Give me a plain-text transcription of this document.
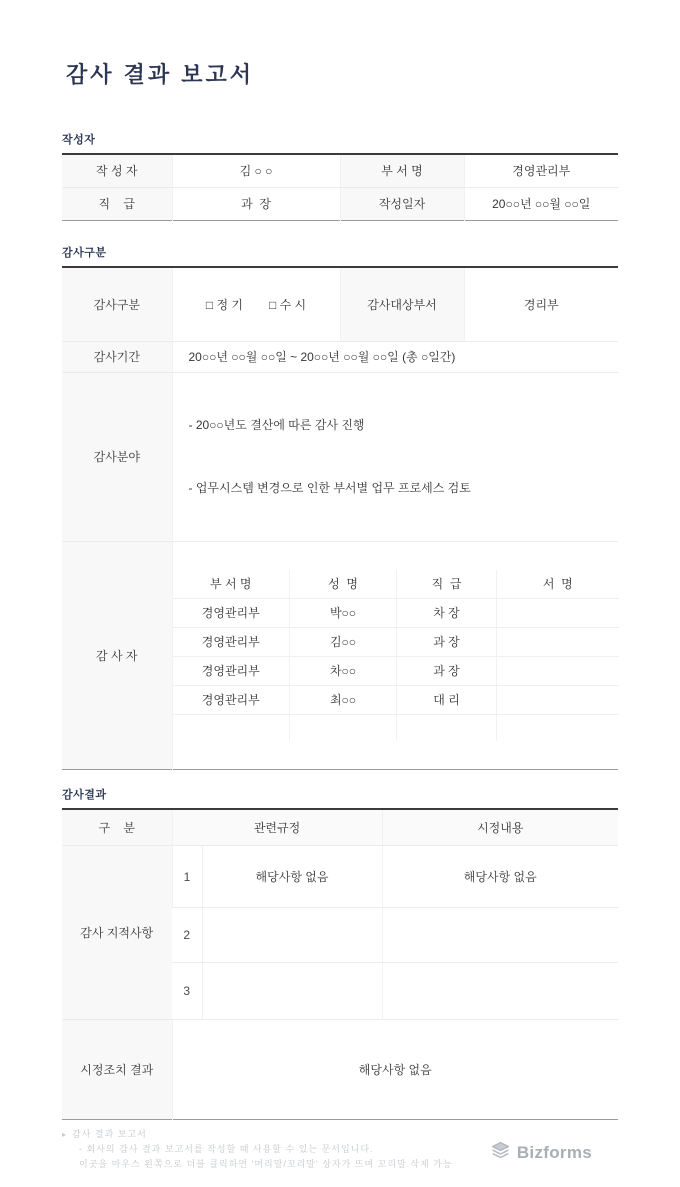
감사 결과 보고서
작성자
작 성 자	김 ○ ○	부 서 명	경영관리부
직    급	과  장	작성일자	20○○년 ○○월 ○○일
감사구분
감사구분	□ 정 기 □ 수 시	감사대상부서	경리부
감사기간	20○○년 ○○월 ○○일 ~ 20○○년 ○○월 ○○일 (총 ○일간)
감사분야	

- 20○○년도 결산에 따른 감사 진행

- 업무시스템 변경으로 인한 부서별 업무 프로세스 검토

감 사 자	

부 서 명	성  명	직  급	서  명
경영관리부	박○○	차 장	
경영관리부	김○○	과 장	
경영관리부	차○○	과 장	
경영관리부	최○○	대 리	

감사결과
구    분	관련규정		시정내용
감사 지적사항	1	해당사항 없음	해당사항 없음
	2		
	3		
시정조치 결과	해당사항 없음		
▸ 감사 결과 보고서
- 회사의 감사 결과 보고서를 작성할 때 사용할 수 있는 문서입니다.
이곳을 마우스 왼쪽으로 더블 클릭하면 '머리말/꼬리말' 상자가 뜨며 꼬리말 삭제 가능
Bizforms
